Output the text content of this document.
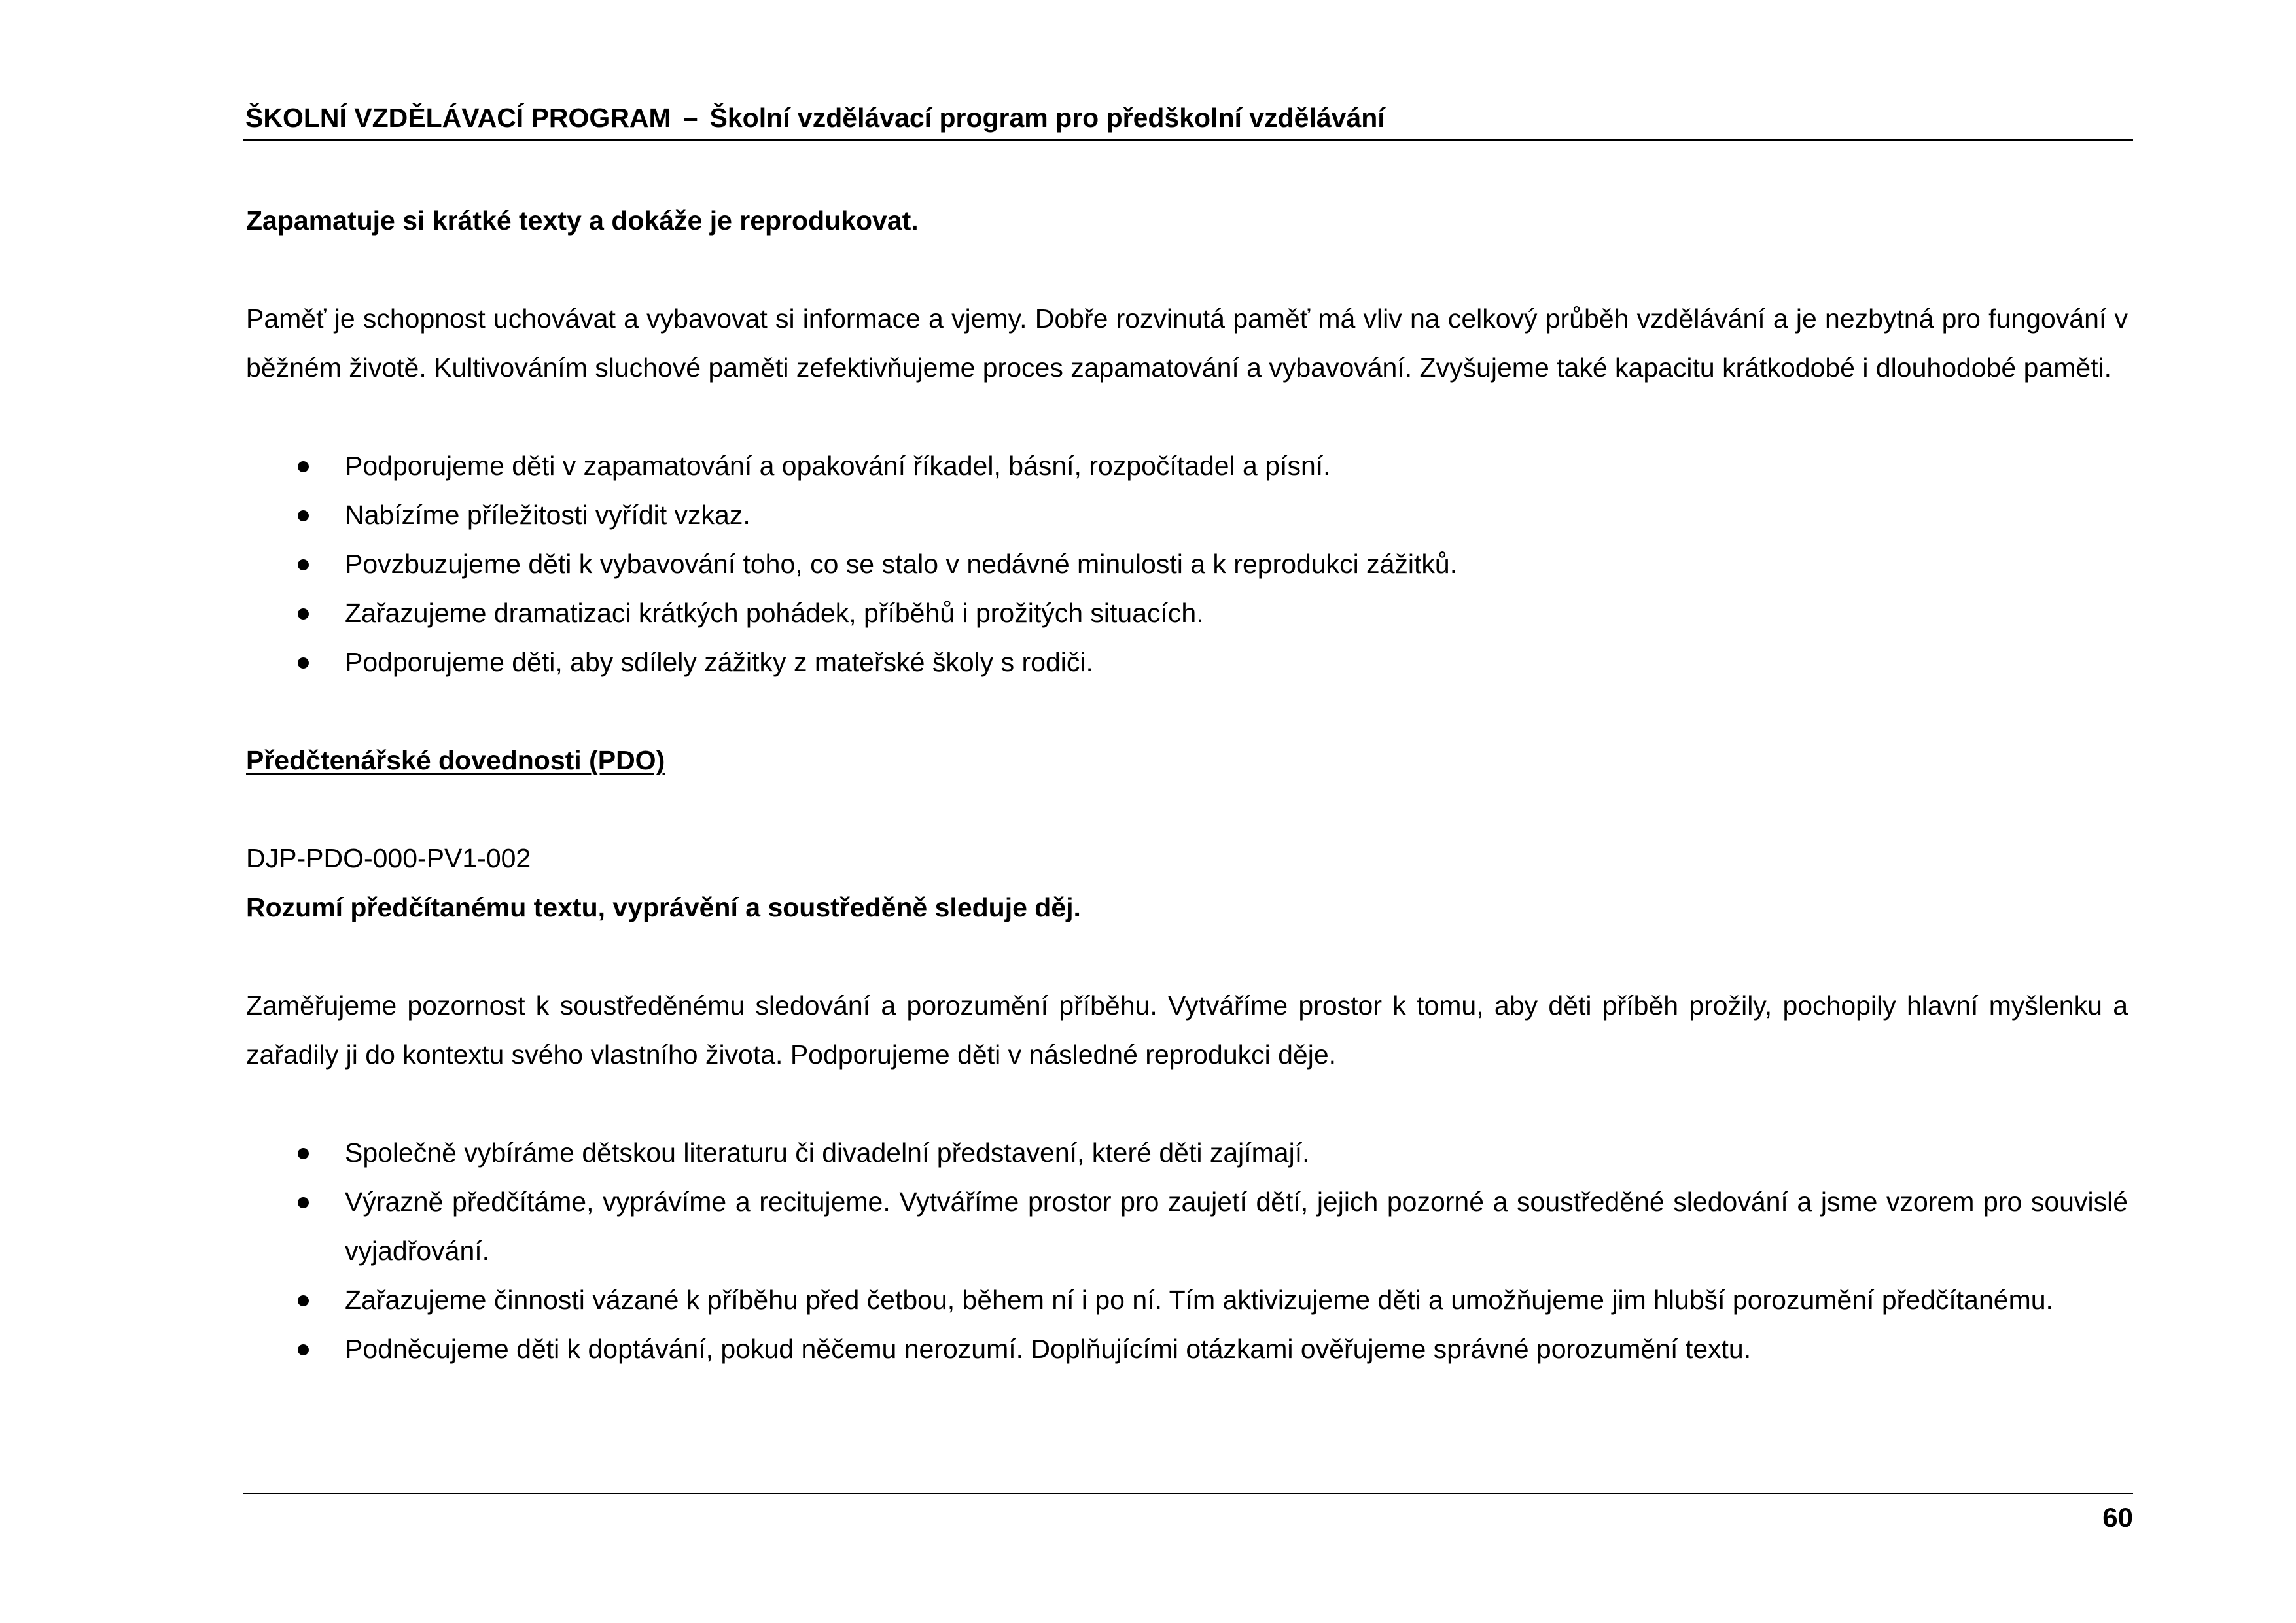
ŠKOLNÍ VZDĚLÁVACÍ PROGRAM – Školní vzdělávací program pro předškolní vzdělávání

Zapamatuje si krátké texty a dokáže je reprodukovat.

Paměť je schopnost uchovávat a vybavovat si informace a vjemy. Dobře rozvinutá paměť má vliv na celkový průběh vzdělávání a je nezbytná pro fungování v běžném životě. Kultivováním sluchové paměti zefektivňujeme proces zapamatování a vybavování. Zvyšujeme také kapacitu krátkodobé i dlouhodobé paměti.

Podporujeme děti v zapamatování a opakování říkadel, básní, rozpočítadel a písní.
Nabízíme příležitosti vyřídit vzkaz.
Povzbuzujeme děti k vybavování toho, co se stalo v nedávné minulosti a k reprodukci zážitků.
Zařazujeme dramatizaci krátkých pohádek, příběhů i prožitých situacích.
Podporujeme děti, aby sdílely zážitky z mateřské školy s rodiči.

Předčtenářské dovednosti (PDO)

DJP-PDO-000-PV1-002

Rozumí předčítanému textu, vyprávění a soustředěně sleduje děj.

Zaměřujeme pozornost k soustředěnému sledování a porozumění příběhu. Vytváříme prostor k tomu, aby děti příběh prožily, pochopily hlavní myšlenku a zařadily ji do kontextu svého vlastního života. Podporujeme děti v následné reprodukci děje.

Společně vybíráme dětskou literaturu či divadelní představení, které děti zajímají.
Výrazně předčítáme, vyprávíme a recitujeme. Vytváříme prostor pro zaujetí dětí, jejich pozorné a soustředěné sledování a jsme vzorem pro souvislé vyjadřování.
Zařazujeme činnosti vázané k příběhu před četbou, během ní i po ní. Tím aktivizujeme děti a umožňujeme jim hlubší porozumění předčítanému.
Podněcujeme děti k doptávání, pokud něčemu nerozumí. Doplňujícími otázkami ověřujeme správné porozumění textu.
60
